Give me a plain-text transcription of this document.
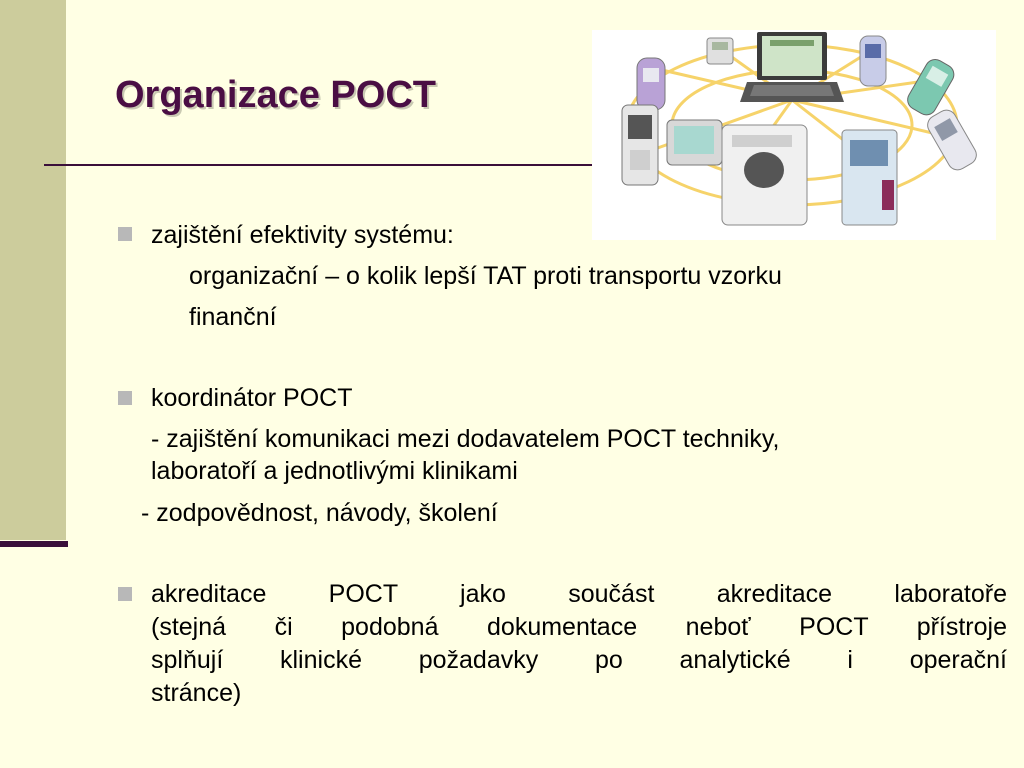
Organizace POCT
zajištění efektivity systému:
organizační – o kolik lepší TAT proti transportu vzorku
finanční
koordinátor POCT
- zajištění komunikaci mezi dodavatelem POCT techniky,
laboratoří a jednotlivými klinikami
- zodpovědnost, návody, školení
akreditace POCT jako součást akreditace laboratoře
(stejná či podobná dokumentace neboť POCT přístroje
splňují klinické požadavky po analytické i operační
stránce)
